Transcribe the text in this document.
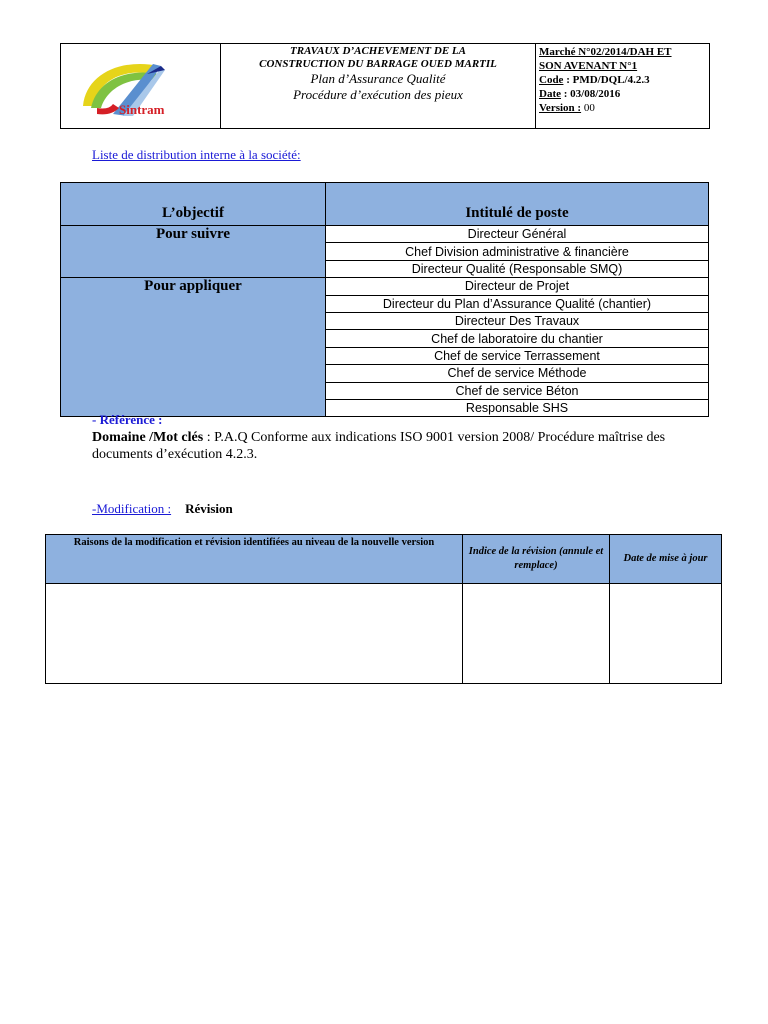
Sintram
TRAVAUX D’ACHEVEMENT DE LA
CONSTRUCTION DU BARRAGE OUED MARTIL
Plan d’Assurance Qualité
Procédure d’exécution des pieux
Marché N°02/2014/DAH ET
SON AVENANT N°1
Code : PMD/DQL/4.2.3
Date : 03/08/2016
Version : 00
Liste de distribution interne à la société:
L’objectif	Intitulé de poste
Pour suivre	Directeur Général
	Chef Division administrative & financière
	Directeur Qualité (Responsable SMQ)
Pour appliquer	Directeur de Projet
	Directeur du Plan d’Assurance Qualité (chantier)
	Directeur Des Travaux
	Chef de laboratoire du chantier
	Chef de service Terrassement
	Chef de service Méthode
	Chef de service Béton
	Responsable SHS
- Référence :
Domaine /Mot clés : P.A.Q Conforme aux indications ISO 9001 version 2008/ Procédure maîtrise des documents d’exécution 4.2.3.
-Modification : Révision
Raisons de la modification et révision identifiées au niveau de la nouvelle version	Indice de la révision (annule et remplace)	Date de mise à jour
